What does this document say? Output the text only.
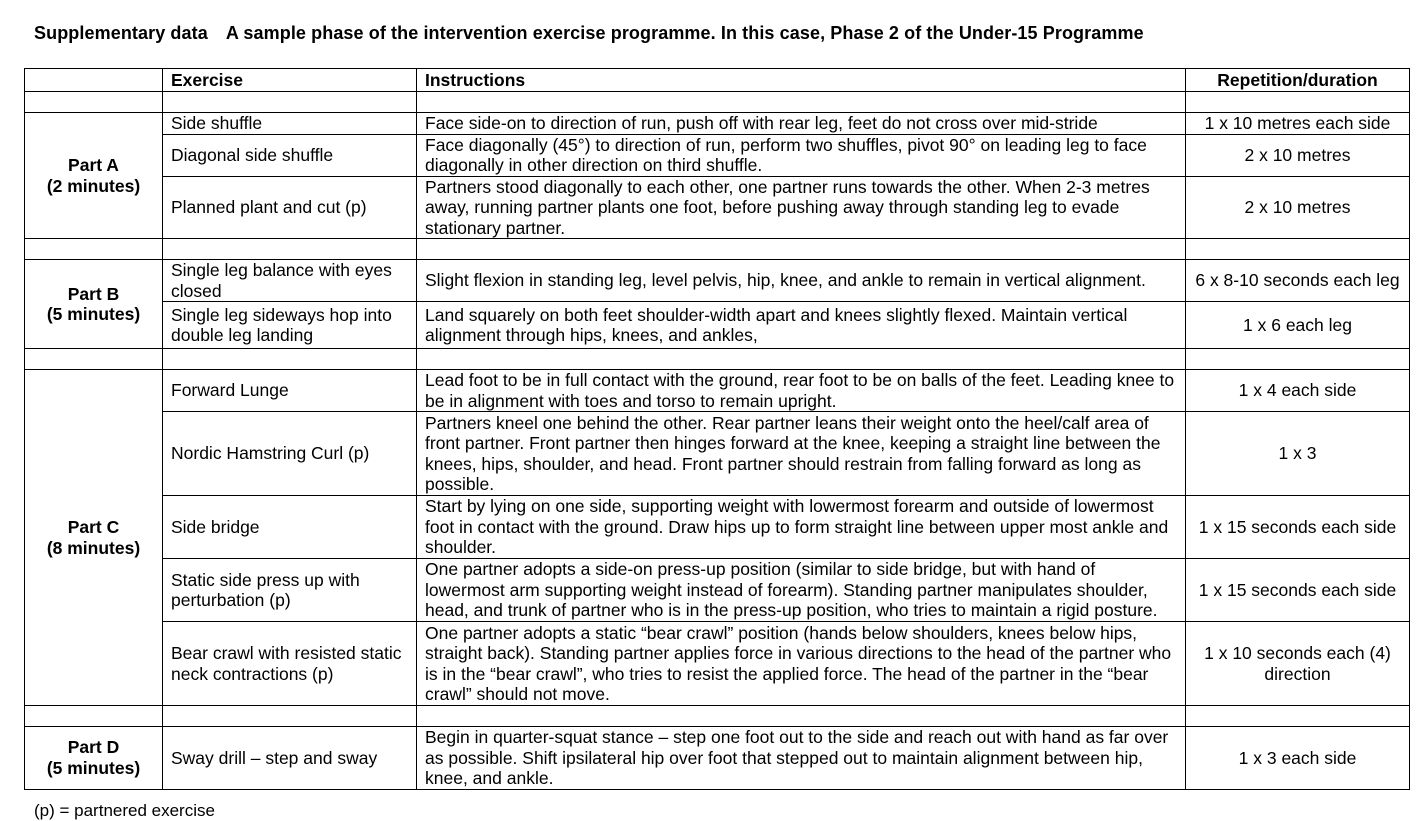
Supplementary data A sample phase of the intervention exercise programme. In this case, Phase 2 of the Under-15 Programme

	Exercise	Instructions	Repetition/duration

Part A
(2 minutes)	Side shuffle	Face side-on to direction of run, push off with rear leg, feet do not cross over mid-stride	1 x 10 metres each side
	Diagonal side shuffle	Face diagonally (45°) to direction of run, perform two shuffles, pivot 90° on leading leg to face diagonally in other direction on third shuffle.	2 x 10 metres
	Planned plant and cut (p)	Partners stood diagonally to each other, one partner runs towards the other. When 2-3 metres away, running partner plants one foot, before pushing away through standing leg to evade stationary partner.	2 x 10 metres

Part B
(5 minutes)	Single leg balance with eyes closed	Slight flexion in standing leg, level pelvis, hip, knee, and ankle to remain in vertical alignment.	6 x 8-10 seconds each leg
	Single leg sideways hop into double leg landing	Land squarely on both feet shoulder-width apart and knees slightly flexed. Maintain vertical alignment through hips, knees, and ankles,	1 x 6 each leg

Part C
(8 minutes)	Forward Lunge	Lead foot to be in full contact with the ground, rear foot to be on balls of the feet. Leading knee to be in alignment with toes and torso to remain upright.	1 x 4 each side
	Nordic Hamstring Curl (p)	Partners kneel one behind the other. Rear partner leans their weight onto the heel/calf area of front partner. Front partner then hinges forward at the knee, keeping a straight line between the knees, hips, shoulder, and head. Front partner should restrain from falling forward as long as possible.	1 x 3
	Side bridge	Start by lying on one side, supporting weight with lowermost forearm and outside of lowermost foot in contact with the ground. Draw hips up to form straight line between upper most ankle and shoulder.	1 x 15 seconds each side
	Static side press up with perturbation (p)	One partner adopts a side-on press-up position (similar to side bridge, but with hand of lowermost arm supporting weight instead of forearm). Standing partner manipulates shoulder, head, and trunk of partner who is in the press-up position, who tries to maintain a rigid posture.	1 x 15 seconds each side
	Bear crawl with resisted static neck contractions (p)	One partner adopts a static “bear crawl” position (hands below shoulders, knees below hips, straight back). Standing partner applies force in various directions to the head of the partner who is in the “bear crawl”, who tries to resist the applied force. The head of the partner in the “bear crawl” should not move.	1 x 10 seconds each (4) direction

Part D
(5 minutes)	Sway drill – step and sway	Begin in quarter-squat stance – step one foot out to the side and reach out with hand as far over as possible. Shift ipsilateral hip over foot that stepped out to maintain alignment between hip, knee, and ankle.	1 x 3 each side

(p) = partnered exercise
